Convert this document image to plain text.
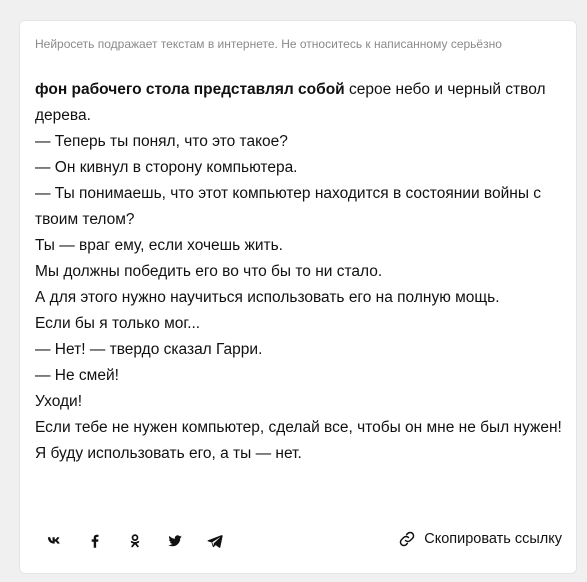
Нейросеть подражает текстам в интернете. Не относитесь к написанному серьёзно

фон рабочего стола представлял собой серое небо и черный ствол дерева.

— Теперь ты понял, что это такое?

— Он кивнул в сторону компьютера.

— Ты понимаешь, что этот компьютер находится в состоянии войны с твоим телом?

Ты — враг ему, если хочешь жить.

Мы должны победить его во что бы то ни стало.

А для этого нужно научиться использовать его на полную мощь.

Если бы я только мог...

— Нет! — твердо сказал Гарри.

— Не смей!

Уходи!

Если тебе не нужен компьютер, сделай все, чтобы он мне не был нужен!

Я буду использовать его, а ты — нет.

Скопировать ссылку
